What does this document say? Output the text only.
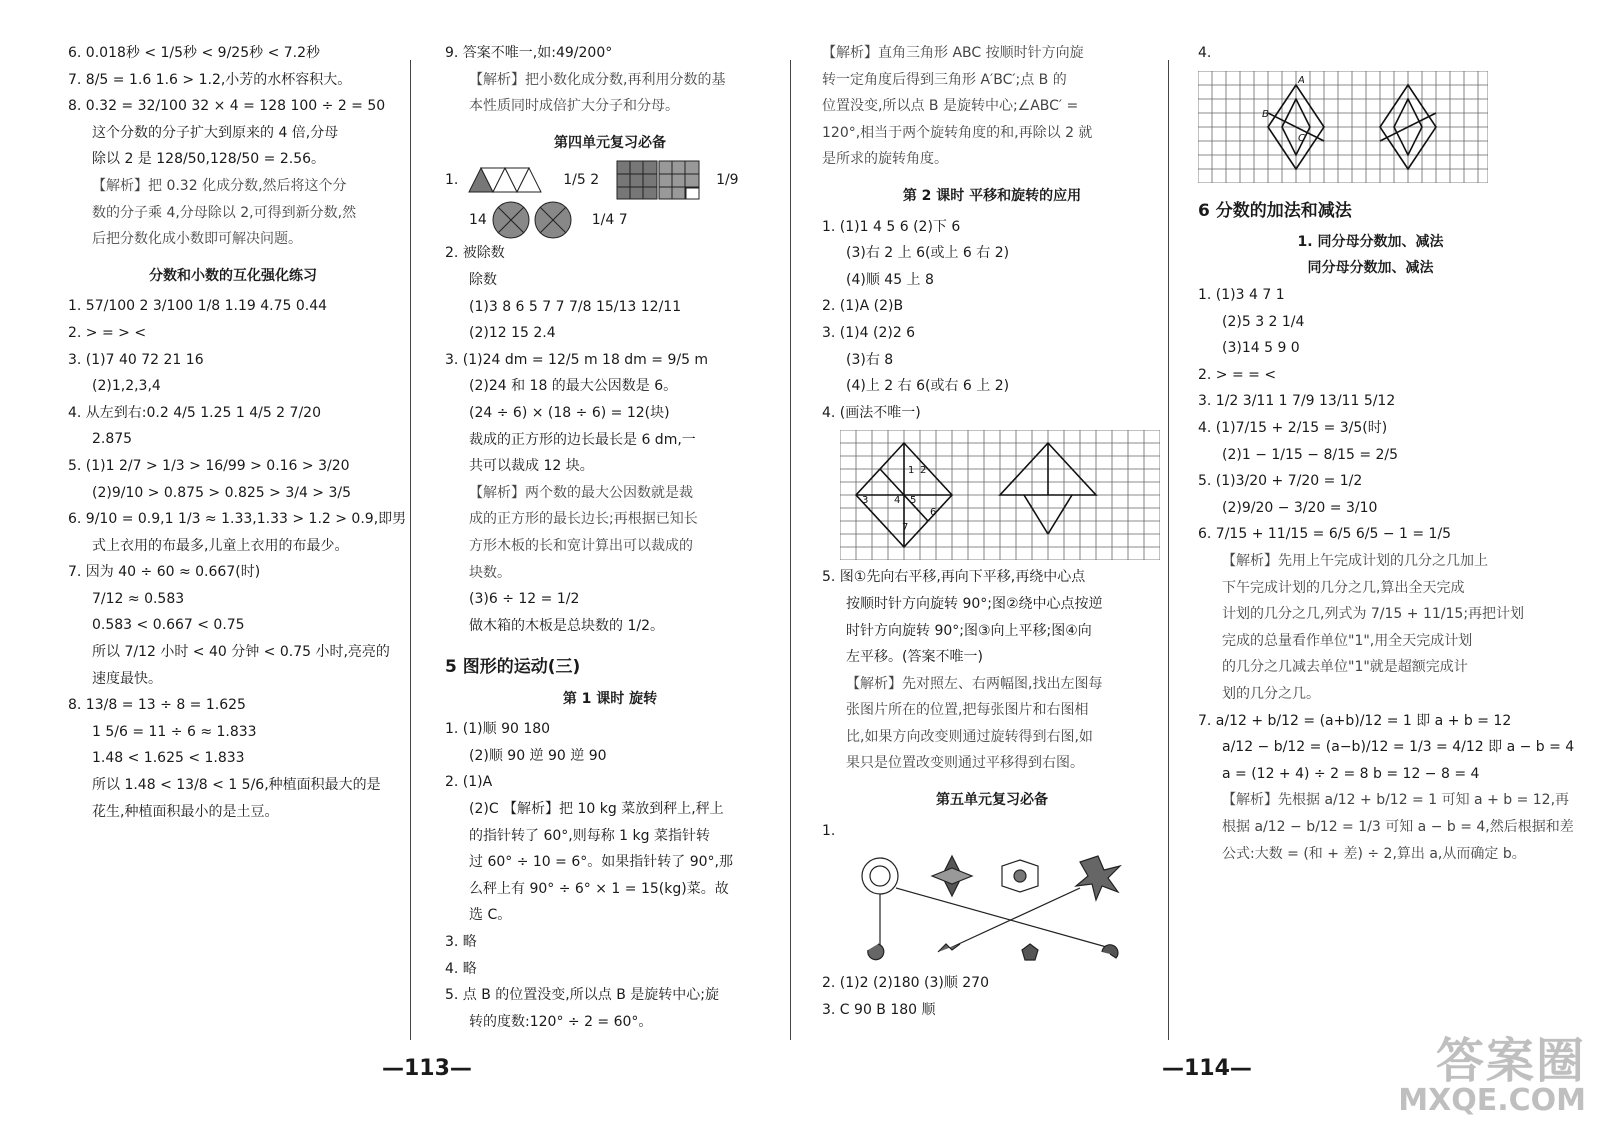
6. 0.018秒 < 1/5秒 < 9/25秒 < 7.2秒
7. 8/5 = 1.6 1.6 > 1.2,小芳的水杯容积大。
8. 0.32 = 32/100 32 × 4 = 128 100 ÷ 2 = 50
这个分数的分子扩大到原来的 4 倍,分母
除以 2 是 128/50,128/50 = 2.56。
【解析】把 0.32 化成分数,然后将这个分
数的分子乘 4,分母除以 2,可得到新分数,然
后把分数化成小数即可解决问题。
分数和小数的互化强化练习
1. 57/100 2 3/100 1/8 1.19 4.75 0.44
2. > = > <
3. (1)7 40 72 21 16
(2)1,2,3,4
4. 从左到右:0.2 4/5 1.25 1 4/5 2 7/20
2.875
5. (1)1 2/7 > 1/3 > 16/99 > 0.16 > 3/20
(2)9/10 > 0.875 > 0.825 > 3/4 > 3/5
6. 9/10 = 0.9,1 1/3 ≈ 1.33,1.33 > 1.2 > 0.9,即男
式上衣用的布最多,儿童上衣用的布最少。
7. 因为 40 ÷ 60 ≈ 0.667(时)
7/12 ≈ 0.583
0.583 < 0.667 < 0.75
所以 7/12 小时 < 40 分钟 < 0.75 小时,亮亮的
速度最快。
8. 13/8 = 13 ÷ 8 = 1.625
1 5/6 = 11 ÷ 6 ≈ 1.833
1.48 < 1.625 < 1.833
所以 1.48 < 13/8 < 1 5/6,种植面积最大的是
花生,种植面积最小的是土豆。
9. 答案不唯一,如:49/200°
【解析】把小数化成分数,再利用分数的基
本性质同时成倍扩大分子和分母。
第四单元复习必备
1.	1/5 2	1/9
14	1/4 7
2. 被除数
除数
(1)3 8 6 5 7 7 7/8 15/13 12/11
(2)12 15 2.4
3. (1)24 dm = 12/5 m 18 dm = 9/5 m
(2)24 和 18 的最大公因数是 6。
(24 ÷ 6) × (18 ÷ 6) = 12(块)
裁成的正方形的边长最长是 6 dm,一
共可以裁成 12 块。
【解析】两个数的最大公因数就是裁
成的正方形的最长边长;再根据已知长
方形木板的长和宽计算出可以裁成的
块数。
(3)6 ÷ 12 = 1/2
做木箱的木板是总块数的 1/2。
5 图形的运动(三)
第 1 课时 旋转
1. (1)顺 90 180
(2)顺 90 逆 90 逆 90
2. (1)A
(2)C 【解析】把 10 kg 菜放到秤上,秤上
的指针转了 60°,则每称 1 kg 菜指针转
过 60° ÷ 10 = 6°。如果指针转了 90°,那
么秤上有 90° ÷ 6° × 1 = 15(kg)菜。故
选 C。
3. 略
4. 略
5. 点 B 的位置没变,所以点 B 是旋转中心;旋
转的度数:120° ÷ 2 = 60°。
【解析】直角三角形 ABC 按顺时针方向旋
转一定角度后得到三角形 A′BC′;点 B 的
位置没变,所以点 B 是旋转中心;∠ABC′ =
120°,相当于两个旋转角度的和,再除以 2 就
是所求的旋转角度。
第 2 课时 平移和旋转的应用
1. (1)1 4 5 6 (2)下 6
(3)右 2 上 6(或上 6 右 2)
(4)顺 45 上 8
2. (1)A (2)B
3. (1)4 (2)2 6
(3)右 8
(4)上 2 右 6(或右 6 上 2)
4. (画法不唯一)
1 2
3	4 5
6
7
5. 图①先向右平移,再向下平移,再绕中心点
按顺时针方向旋转 90°;图②绕中心点按逆
时针方向旋转 90°;图③向上平移;图④向
左平移。(答案不唯一)
【解析】先对照左、右两幅图,找出左图每
张图片所在的位置,把每张图片和右图相
比,如果方向改变则通过旋转得到右图,如
果只是位置改变则通过平移得到右图。
第五单元复习必备
1.
2. (1)2 (2)180 (3)顺 270
3. C 90 B 180 顺
4.
A
B
C
6 分数的加法和减法
1. 同分母分数加、减法
同分母分数加、减法
1. (1)3 4 7 1
(2)5 3 2 1/4
(3)14 5 9 0
2. > = = <
3. 1/2 3/11 1 7/9 13/11 5/12
4. (1)7/15 + 2/15 = 3/5(时)
(2)1 − 1/15 − 8/15 = 2/5
5. (1)3/20 + 7/20 = 1/2
(2)9/20 − 3/20 = 3/10
6. 7/15 + 11/15 = 6/5 6/5 − 1 = 1/5
【解析】先用上午完成计划的几分之几加上
下午完成计划的几分之几,算出全天完成
计划的几分之几,列式为 7/15 + 11/15;再把计划
完成的总量看作单位"1",用全天完成计划
的几分之几减去单位"1"就是超额完成计
划的几分之几。
7. a/12 + b/12 = (a+b)/12 = 1 即 a + b = 12
a/12 − b/12 = (a−b)/12 = 1/3 = 4/12 即 a − b = 4
a = (12 + 4) ÷ 2 = 8 b = 12 − 8 = 4
【解析】先根据 a/12 + b/12 = 1 可知 a + b = 12,再
根据 a/12 − b/12 = 1/3 可知 a − b = 4,然后根据和差
公式:大数 = (和 + 差) ÷ 2,算出 a,从而确定 b。
—113—	—114—	答案圈
MXQE.COM
